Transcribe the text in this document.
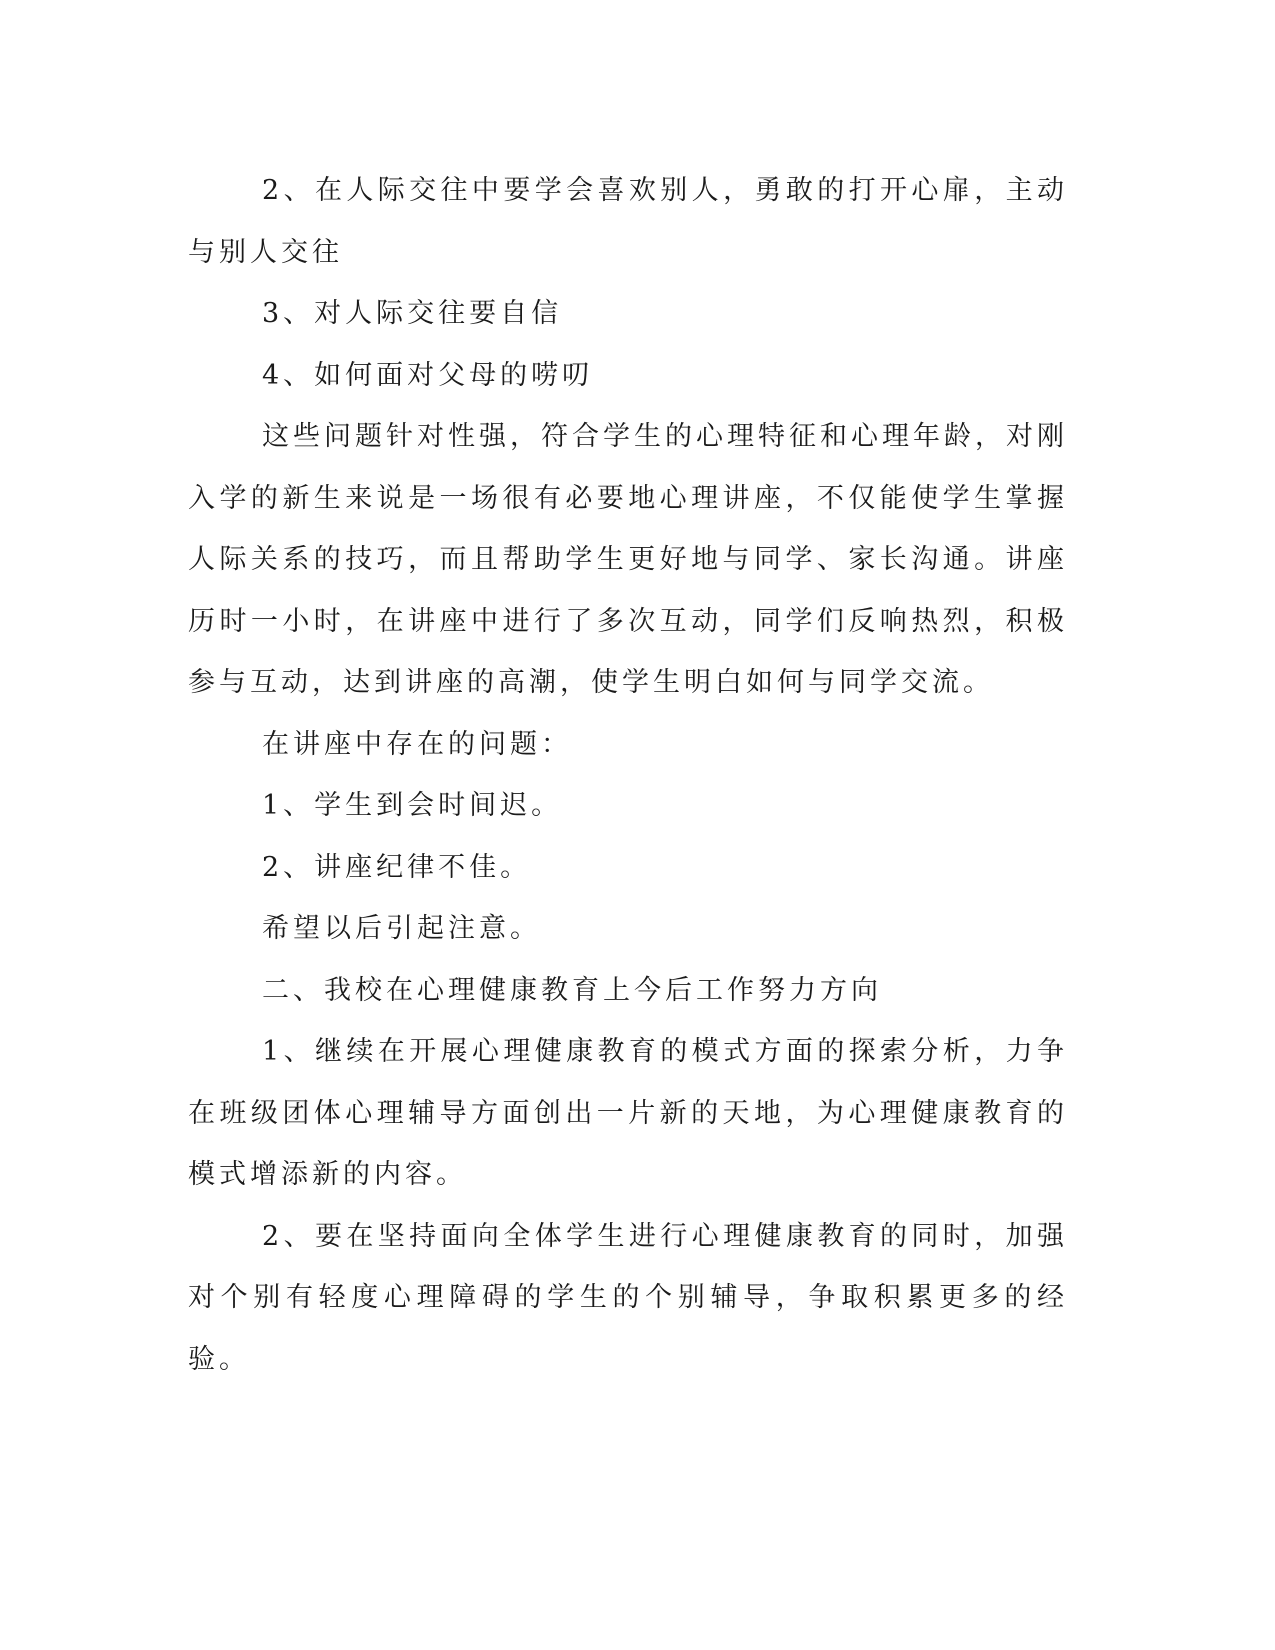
2、在人际交往中要学会喜欢别人，勇敢的打开心扉，主动与别人交往

3、对人际交往要自信

4、如何面对父母的唠叨

这些问题针对性强，符合学生的心理特征和心理年龄，对刚入学的新生来说是一场很有必要地心理讲座，不仅能使学生掌握人际关系的技巧，而且帮助学生更好地与同学、家长沟通。讲座历时一小时，在讲座中进行了多次互动，同学们反响热烈，积极参与互动，达到讲座的高潮，使学生明白如何与同学交流。

在讲座中存在的问题：

1、学生到会时间迟。

2、讲座纪律不佳。

希望以后引起注意。

二、我校在心理健康教育上今后工作努力方向

1、继续在开展心理健康教育的模式方面的探索分析，力争在班级团体心理辅导方面创出一片新的天地，为心理健康教育的模式增添新的内容。

2、要在坚持面向全体学生进行心理健康教育的同时，加强对个别有轻度心理障碍的学生的个别辅导，争取积累更多的经验。
